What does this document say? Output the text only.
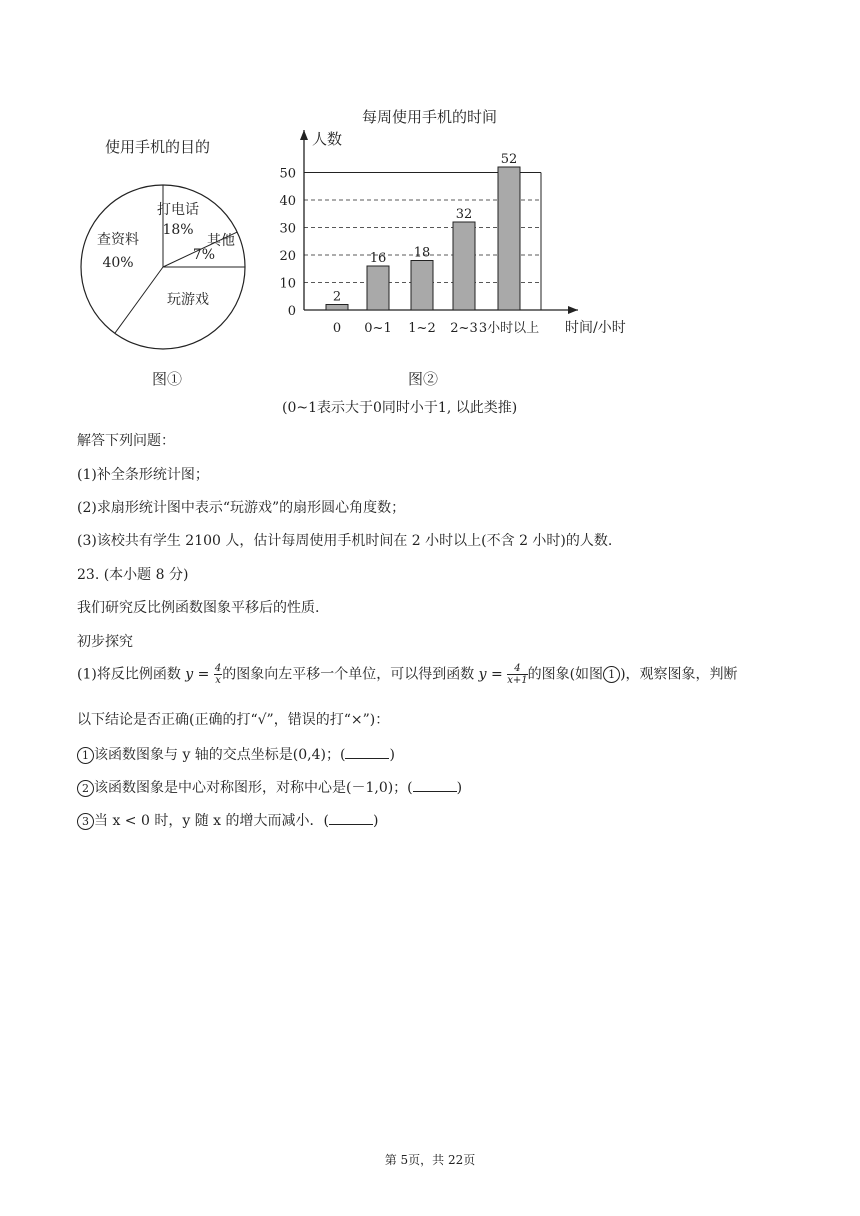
使用手机的目的
打电话
18%
其他
7%
玩游戏
查资料
40%
图①
每周使用手机的时间
人数
时间/小时
0
10
20
30
40
50
2
0
16
0~1
18
1~2
32
2~3
52
3小时以上
图②
(0~1表示大于0同时小于1, 以此类推)
解答下列问题：
(1)补全条形统计图；
(2)求扇形统计图中表示“玩游戏”的扇形圆心角度数；
(3)该校共有学生 2100 人，估计每周使用手机时间在 2 小时以上(不含 2 小时)的人数.
23. (本小题 8 分)
我们研究反比例函数图象平移后的性质.
初步探究
(1)将反比例函数 $y = \frac{4}{x}$ 的图象向左平移一个单位，可以得到函数 $y = \frac{4}{x+1}$ 的图象(如图 1 )，观察图象，判断
以下结论是否正确(正确的打“√”，错误的打“×”)：
1 该函数图象与 y 轴的交点坐标是(0,4)；(	)
2 该函数图象是中心对称图形，对称中心是(－1,0)；(	)
3 当 x < 0 时，y 随 x 的增大而减小．(	)
第 5页，共 22页
